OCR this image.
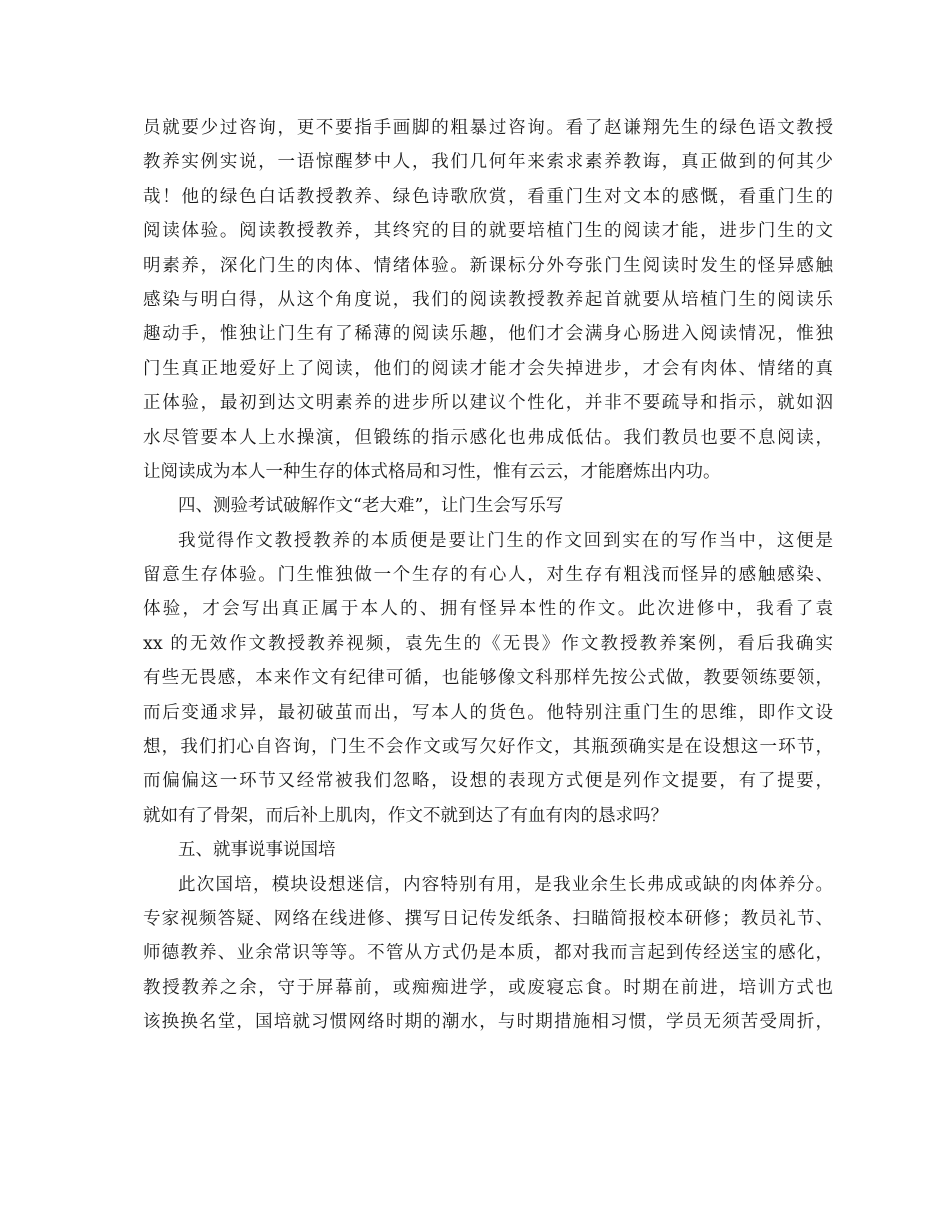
员就要少过咨询，更不要指手画脚的粗暴过咨询。看了赵谦翔先生的绿色语文教授
教养实例实说，一语惊醒梦中人，我们几何年来索求素养教诲，真正做到的何其少
哉！他的绿色白话教授教养、绿色诗歌欣赏，看重门生对文本的感慨，看重门生的
阅读体验。阅读教授教养，其终究的目的就要培植门生的阅读才能，进步门生的文
明素养，深化门生的肉体、情绪体验。新课标分外夸张门生阅读时发生的怪异感触
感染与明白得，从这个角度说，我们的阅读教授教养起首就要从培植门生的阅读乐
趣动手，惟独让门生有了稀薄的阅读乐趣，他们才会满身心肠进入阅读情况，惟独
门生真正地爱好上了阅读，他们的阅读才能才会失掉进步，才会有肉体、情绪的真
正体验，最初到达文明素养的进步所以建议个性化，并非不要疏导和指示，就如泅
水尽管要本人上水操演，但锻练的指示感化也弗成低估。我们教员也要不息阅读，
让阅读成为本人一种生存的体式格局和习性，惟有云云，才能磨炼出内功。
四、测验考试破解作文“老大难”，让门生会写乐写
我觉得作文教授教养的本质便是要让门生的作文回到实在的写作当中，这便是
留意生存体验。门生惟独做一个生存的有心人，对生存有粗浅而怪异的感触感染、
体验，才会写出真正属于本人的、拥有怪异本性的作文。此次进修中，我看了袁
xx 的无效作文教授教养视频，袁先生的《无畏》作文教授教养案例，看后我确实
有些无畏感，本来作文有纪律可循，也能够像文科那样先按公式做，教要领练要领，
而后变通求异，最初破茧而出，写本人的货色。他特别注重门生的思维，即作文设
想，我们扪心自咨询，门生不会作文或写欠好作文，其瓶颈确实是在设想这一环节，
而偏偏这一环节又经常被我们忽略，设想的表现方式便是列作文提要，有了提要，
就如有了骨架，而后补上肌肉，作文不就到达了有血有肉的恳求吗？
五、就事说事说国培
此次国培，模块设想迷信，内容特别有用，是我业余生长弗成或缺的肉体养分。
专家视频答疑、网络在线进修、撰写日记传发纸条、扫瞄简报校本研修；教员礼节、
师德教养、业余常识等等。不管从方式仍是本质，都对我而言起到传经送宝的感化，
教授教养之余，守于屏幕前，或痴痴进学，或废寝忘食。时期在前进，培训方式也
该换换名堂，国培就习惯网络时期的潮水，与时期措施相习惯，学员无须苦受周折，
